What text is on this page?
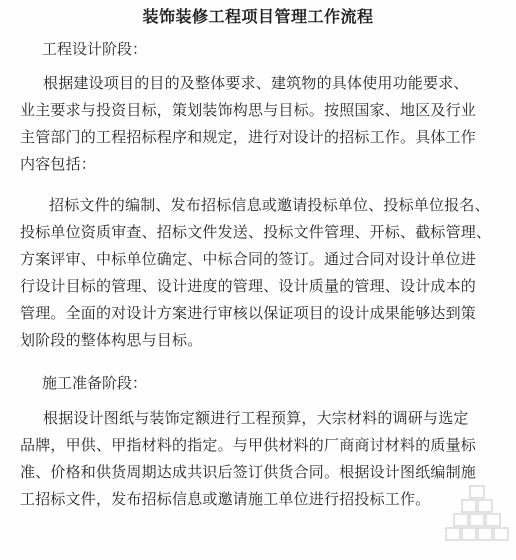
装饰装修工程项目管理工作流程
工程设计阶段：
根据建设项目的目的及整体要求、建筑物的具体使用功能要求、
业主要求与投资目标，策划装饰构思与目标。按照国家、地区及行业
主管部门的工程招标程序和规定，进行对设计的招标工作。具体工作
内容包括：
招标文件的编制、发布招标信息或邀请投标单位、投标单位报名、
投标单位资质审查、招标文件发送、投标文件管理、开标、截标管理、
方案评审、中标单位确定、中标合同的签订。通过合同对设计单位进
行设计目标的管理、设计进度的管理、设计质量的管理、设计成本的
管理。全面的对设计方案进行审核以保证项目的设计成果能够达到策
划阶段的整体构思与目标。
施工准备阶段：
根据设计图纸与装饰定额进行工程预算，大宗材料的调研与选定
品牌，甲供、甲指材料的指定。与甲供材料的厂商商讨材料的质量标
准、价格和供货周期达成共识后签订供货合同。根据设计图纸编制施
工招标文件，发布招标信息或邀请施工单位进行招投标工作。
